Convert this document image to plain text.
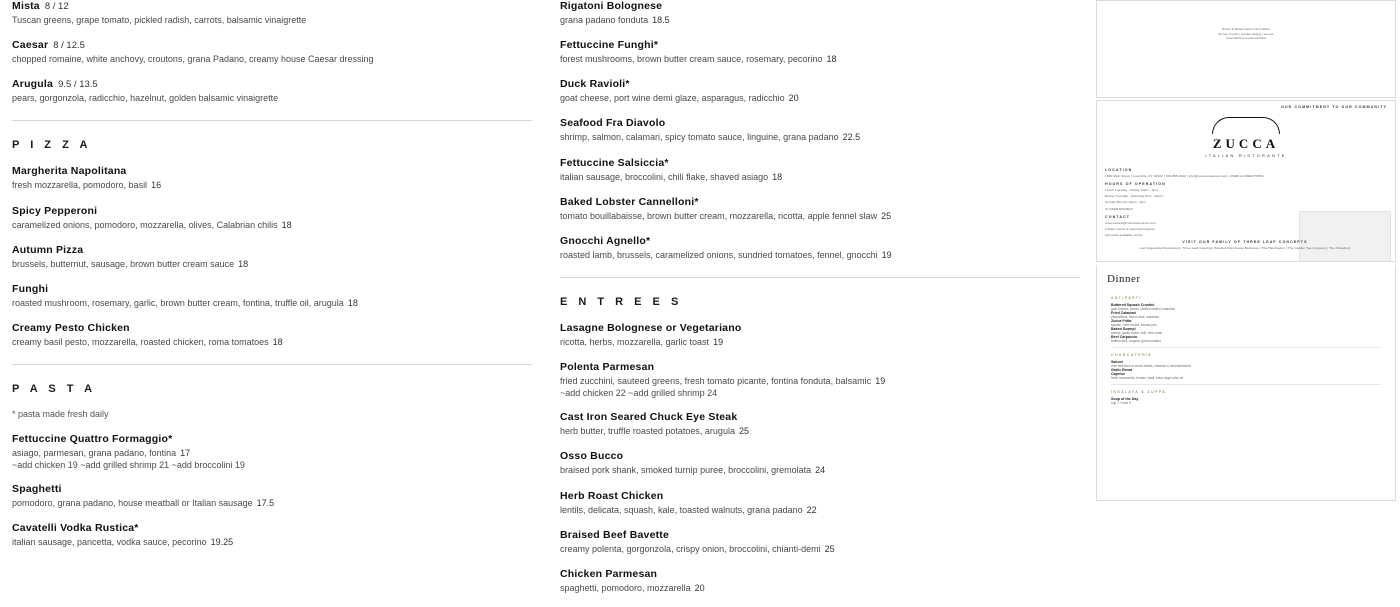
Mista 8 / 12

Tuscan greens, grape tomato, pickled radish, carrots, balsamic vinaigrette

Caesar 8 / 12.5

chopped romaine, white anchovy, croutons, grana Padano, creamy house Caesar dressing

Arugula 9.5 / 13.5

pears, gorgonzola, radicchio, hazelnut, golden balsamic vinaigrette

P I Z Z A

Margherita Napolitana

fresh mozzarella, pomodoro, basil 16

Spicy Pepperoni

caramelized onions, pomodoro, mozzarella, olives, Calabrian chilis 18

Autumn Pizza

brussels, butternut, sausage, brown butter cream sauce 18

Funghi

roasted mushroom, rosemary, garlic, brown butter cream, fontina, truffle oil, arugula 18

Creamy Pesto Chicken

creamy basil pesto, mozzarella, roasted chicken, roma tomatoes 18

P A S T A

* pasta made fresh daily

Fettuccine Quattro Formaggio*

asiago, parmesan, grana padano, fontina 17

~add chicken 19 ~add grilled shrimp 21 ~add broccolini 19

Spaghetti

pomodoro, grana padano, house meatball or Italian sausage 17.5

Cavatelli Vodka Rustica*

italian sausage, pancetta, vodka sauce, pecorino 19.25

Rigatoni Bolognese

grana padano fonduta 18.5

Fettuccine Funghi*

forest mushrooms, brown butter cream sauce, rosemary, pecorino 18

Duck Ravioli*

goat cheese, port wine demi glaze, asparagus, radicchio 20

Seafood Fra Diavolo

shrimp, salmon, calamari, spicy tomato sauce, linguine, grana padano 22.5

Fettuccine Salsiccia*

italian sausage, broccolini, chili flake, shaved asiago 18

Baked Lobster Cannelloni*

tomato bouillabaisse, brown butter cream, mozzarella, ricotta, apple fennel slaw 25

Gnocchi Agnello*

roasted lamb, brussels, caramelized onions, sundried tomatoes, fennel, gnocchi 19

E N T R E E S

Lasagne Bolognese or Vegetariano

ricotta, herbs, mozzarella, garlic toast 19

Polenta Parmesan

fried zucchini, sauteed greens, fresh tomato picante, fontina fonduta, balsamic 19

~add chicken 22 ~add grilled shrimp 24

Cast Iron Seared Chuck Eye Steak

herb butter, truffle roasted potatoes, arugula 25

Osso Bucco

braised pork shank, smoked turnip puree, broccolini, gremolata 24

Herb Roast Chicken

lentils, delicata, squash, kale, toasted walnuts, grana padano 22

Braised Beef Bavette

creamy polenta, gorgonzola, crispy onion, broccolini, chianti-demi 25

Chicken Parmesan

spaghetti, pomodoro, mozzarella 20

Hours & Reservation Information
dinner | lunch | private dining | events
reservations recommended
OUR COMMITMENT TO OUR COMMUNITY
ZUCCA
ITALIAN RISTORANTE
LOCATION
1600 Main Street | Louisville, KY 40202 | 502.855.1622 | info@zuccarestaurant.com | PARK & DIRECTIONS
HOURS OF OPERATION
Lunch Tuesday - Friday 11am - 2pm
Dinner Tuesday - Saturday 5pm - 10pm
Sunday Brunch 10am - 3pm
CLOSED MONDAY
CONTACT
reservations@zuccaristorante.com
private events & catering inquiries
gift cards available online
VISIT OUR FAMILY OF THREE LEAF CONCEPTS
Leaf Vegetarian Restaurant | Three Leaf Catering | Boodles Farmhouse Barbecue | The Hambledon | The Garden Tea Company | The Chandlery
Dinner
ANTIPASTI
Buttered Squash Crostini
goat cheese, pecan, pickled shallot, balsamic
Fried Calamari
peppadews, lemon aioli, marinara
Zucca Fritta
squash, herb ricotta, tomato jam
Baked Scampi
shrimp, garlic butter, chili, herb toast
Beef Carpaccio
truffled aioli, arugula, grana padano
CHARCUTERIE
Salumi
chef selection of cured meats, cheeses & accoutrements
Garlic Bread
Caprese
fresh mozzarella, tomato, basil, extra virgin olive oil
INSALATA & ZUPPA
Soup of the Day
cup 7 / bowl 9
